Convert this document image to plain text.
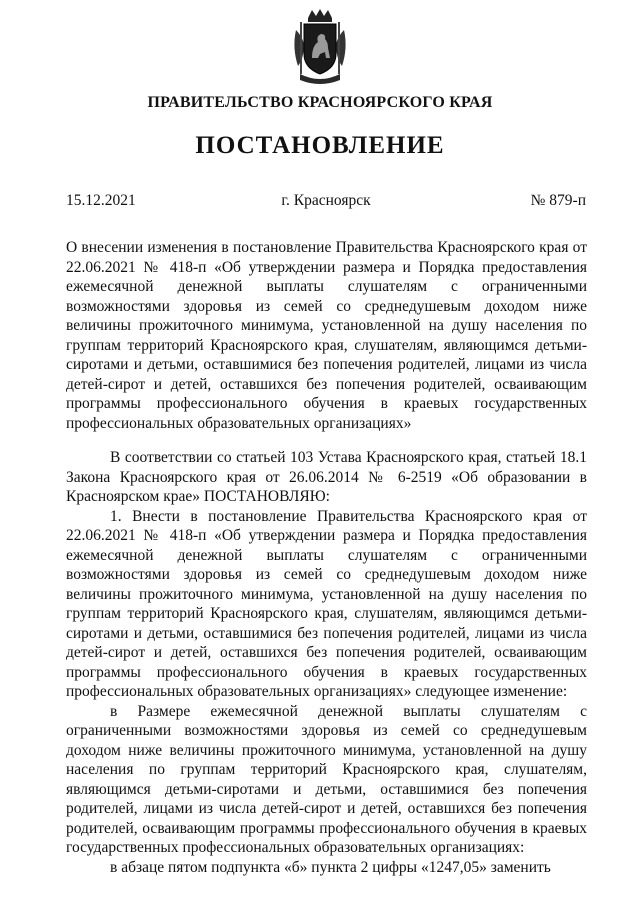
ПРАВИТЕЛЬСТВО КРАСНОЯРСКОГО КРАЯ
ПОСТАНОВЛЕНИЕ
15.12.2021	г. Красноярск	№ 879-п

О внесении изменения в постановление Правительства Красноярского края от 22.06.2021 № 418-п «Об утверждении размера и Порядка предоставления ежемесячной денежной выплаты слушателям с ограниченными возможностями здоровья из семей со среднедушевым доходом ниже величины прожиточного минимума, установленной на душу населения по группам территорий Красноярского края, слушателям, являющимся детьми-сиротами и детьми, оставшимися без попечения родителей, лицами из числа детей-сирот и детей, оставшихся без попечения родителей, осваивающим программы профессионального обучения в краевых государственных профессиональных образовательных организациях»

В соответствии со статьей 103 Устава Красноярского края, статьей 18.1 Закона Красноярского края от 26.06.2014 № 6-2519 «Об образовании в Красноярском крае» ПОСТАНОВЛЯЮ:

1. Внести в постановление Правительства Красноярского края от 22.06.2021 № 418-п «Об утверждении размера и Порядка предоставления ежемесячной денежной выплаты слушателям с ограниченными возможностями здоровья из семей со среднедушевым доходом ниже величины прожиточного минимума, установленной на душу населения по группам территорий Красноярского края, слушателям, являющимся детьми-сиротами и детьми, оставшимися без попечения родителей, лицами из числа детей-сирот и детей, оставшихся без попечения родителей, осваивающим программы профессионального обучения в краевых государственных профессиональных образовательных организациях» следующее изменение:

в Размере ежемесячной денежной выплаты слушателям с ограниченными возможностями здоровья из семей со среднедушевым доходом ниже величины прожиточного минимума, установленной на душу населения по группам территорий Красноярского края, слушателям, являющимся детьми-сиротами и детьми, оставшимися без попечения родителей, лицами из числа детей-сирот и детей, оставшихся без попечения родителей, осваивающим программы профессионального обучения в краевых государственных профессиональных образовательных организациях:

в абзаце пятом подпункта «б» пункта 2 цифры «1247,05» заменить
